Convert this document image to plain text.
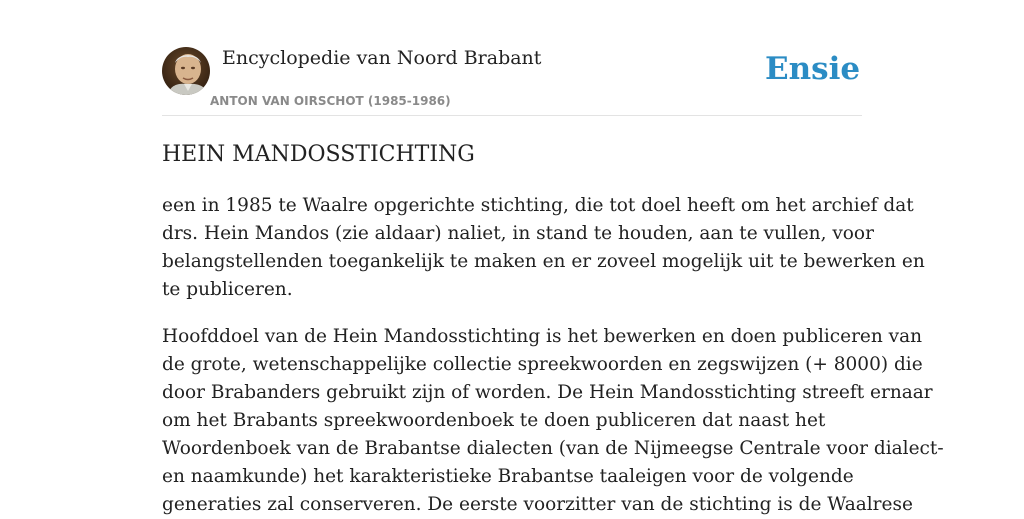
Encyclopedie van Noord Brabant
ANTON VAN OIRSCHOT (1985-1986)
Ensie
HEIN MANDOSSTICHTING

een in 1985 te Waalre opgerichte stichting, die tot doel heeft om het archief dat
drs. Hein Mandos (zie aldaar) naliet, in stand te houden, aan te vullen, voor
belangstellenden toegankelijk te maken en er zoveel mogelijk uit te bewerken en
te publiceren.

Hoofddoel van de Hein Mandosstichting is het bewerken en doen publiceren van
de grote, wetenschappelijke collectie spreekwoorden en zegswijzen (+ 8000) die
door Brabanders gebruikt zijn of worden. De Hein Mandosstichting streeft ernaar
om het Brabants spreekwoordenboek te doen publiceren dat naast het
Woordenboek van de Brabantse dialecten (van de Nijmeegse Centrale voor dialect-
en naamkunde) het karakteristieke Brabantse taaleigen voor de volgende
generaties zal conserveren. De eerste voorzitter van de stichting is de Waalrese
